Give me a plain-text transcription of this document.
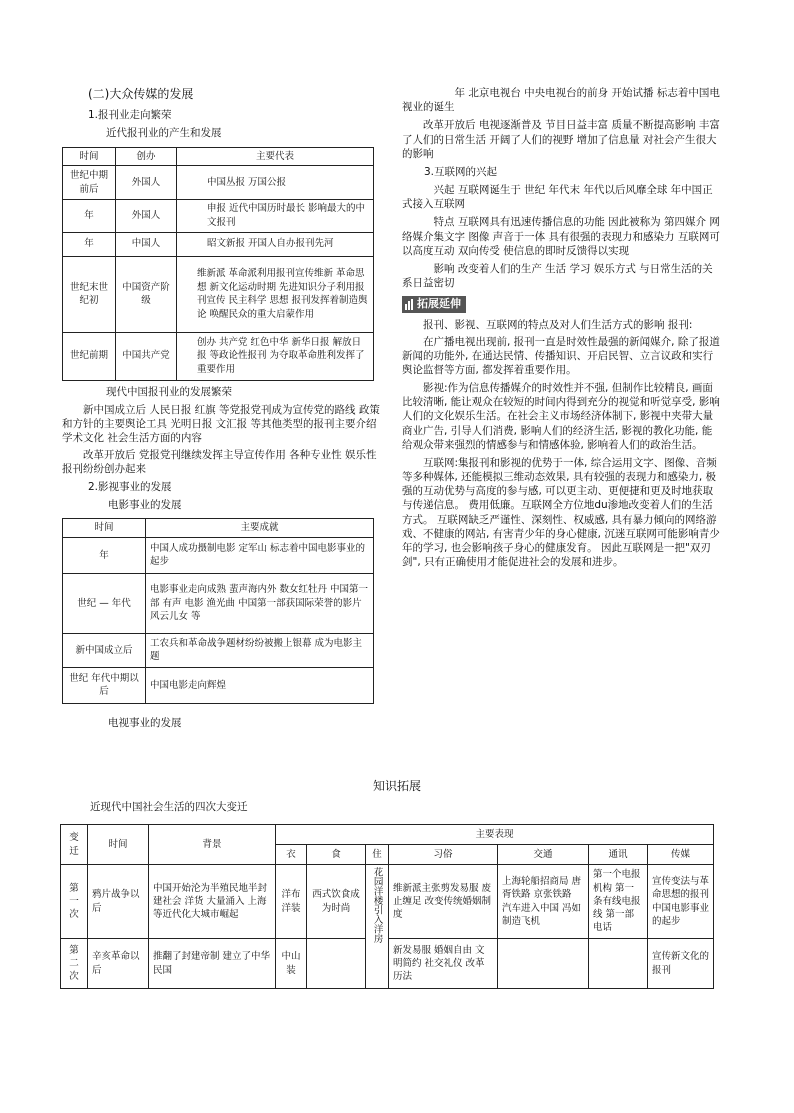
(二)大众传媒的发展
1.报刊业走向繁荣
近代报刊业的产生和发展
时间	创办	主要代表
世纪中期前后	外国人	中国丛报 万国公报
年	外国人	申报 近代中国历时最长 影响最大的中文报刊
年	中国人	昭文新报 开国人自办报刊先河
世纪末世纪初	中国资产阶级	维新派 革命派利用报刊宣传维新 革命思想 新文化运动时期 先进知识分子利用报刊宣传 民主科学 思想 报刊发挥着制造舆论 唤醒民众的重大启蒙作用
世纪前期	中国共产党	创办 共产党 红色中华 新华日报 解放日报 等政论性报刊 为夺取革命胜利发挥了重要作用
现代中国报刊业的发展繁荣

新中国成立后 人民日报 红旗 等党报党刊成为宣传党的路线 政策和方针的主要舆论工具 光明日报 文汇报 等其他类型的报刊主要介绍学术文化 社会生活方面的内容

改革开放后 党报党刊继续发挥主导宣传作用 各种专业性 娱乐性报刊纷纷创办起来

2.影视事业的发展
电影事业的发展
时间	主要成就
年	中国人成功摄制电影 定军山 标志着中国电影事业的起步
世纪 — 年代	电影事业走向成熟 蜚声海内外 数女红牡丹 中国第一部 有声 电影 渔光曲 中国第一部获国际荣誉的影片 风云儿女 等
新中国成立后	工农兵和革命战争题材纷纷被搬上银幕 成为电影主题
世纪 年代中期以后	中国电影走向辉煌
电视事业的发展

年 北京电视台 中央电视台的前身 开始试播 标志着中国电视业的诞生

改革开放后 电视逐渐普及 节目日益丰富 质量不断提高影响 丰富了人们的日常生活 开阔了人们的视野 增加了信息量 对社会产生很大的影响

3.互联网的兴起

兴起 互联网诞生于 世纪 年代末 年代以后风靡全球 年中国正式接入互联网

特点 互联网具有迅速传播信息的功能 因此被称为 第四媒介 网络媒介集文字 图像 声音于一体 具有很强的表现力和感染力 互联网可以高度互动 双向传受 使信息的即时反馈得以实现

影响 改变着人们的生产 生活 学习 娱乐方式 与日常生活的关系日益密切

拓展延伸

报刊、影视、互联网的特点及对人们生活方式的影响 报刊:

在广播电视出现前, 报刊一直是时效性最强的新闻媒介, 除了报道新闻的功能外, 在通达民情、传播知识、开启民智、立言议政和实行舆论监督等方面, 都发挥着重要作用。

影视:作为信息传播媒介的时效性并不强, 但制作比较精良, 画面比较清晰, 能让观众在较短的时间内得到充分的视觉和听觉享受, 影响人们的文化娱乐生活。在社会主义市场经济体制下, 影视中夹带大量商业广告, 引导人们消费, 影响人们的经济生活, 影视的教化功能, 能给观众带来强烈的情感参与和情感体验, 影响着人们的政治生活。

互联网:集报刊和影视的优势于一体, 综合运用文字、图像、音频等多种媒体, 还能模拟三维动态效果, 具有较强的表现力和感染力, 极强的互动优势与高度的参与感, 可以更主动、更便捷和更及时地获取与传递信息。 费用低廉。互联网全方位地du渗地改变着人们的生活方式。 互联网缺乏严谨性、深刻性、权威感, 具有暴力倾向的网络游戏、不健康的网站, 有害青少年的身心健康, 沉迷互联网可能影响青少年的学习, 也会影响孩子身心的健康发育。 因此互联网是一把"双刃剑", 只有正确使用才能促进社会的发展和进步。

知识拓展
近现代中国社会生活的四次大变迁
变迁	时间	背景	主要表现						
			衣	食	住	习俗	交通	通讯	传媒
第一次	鸦片战争以后	中国开始沦为半殖民地半封建社会 洋货 大量涌入 上海等近代化大城市崛起	洋布 洋装	西式饮食成为时尚	花园洋楼引入洋房	维新派主张剪发易服 废止缠足 改变传统婚姻制度	上海轮船招商局 唐胥铁路 京张铁路 汽车进入中国 冯如制造飞机	第一个电报机构 第一条有线电报线 第一部电话	宣传变法与革命思想的报刊 中国电影事业的起步
第二次	辛亥革命以后	推翻了封建帝制 建立了中华民国	中山装			新发易服 婚姻自由 文明简约 社交礼仪 改革历法			宣传新文化的报刊
